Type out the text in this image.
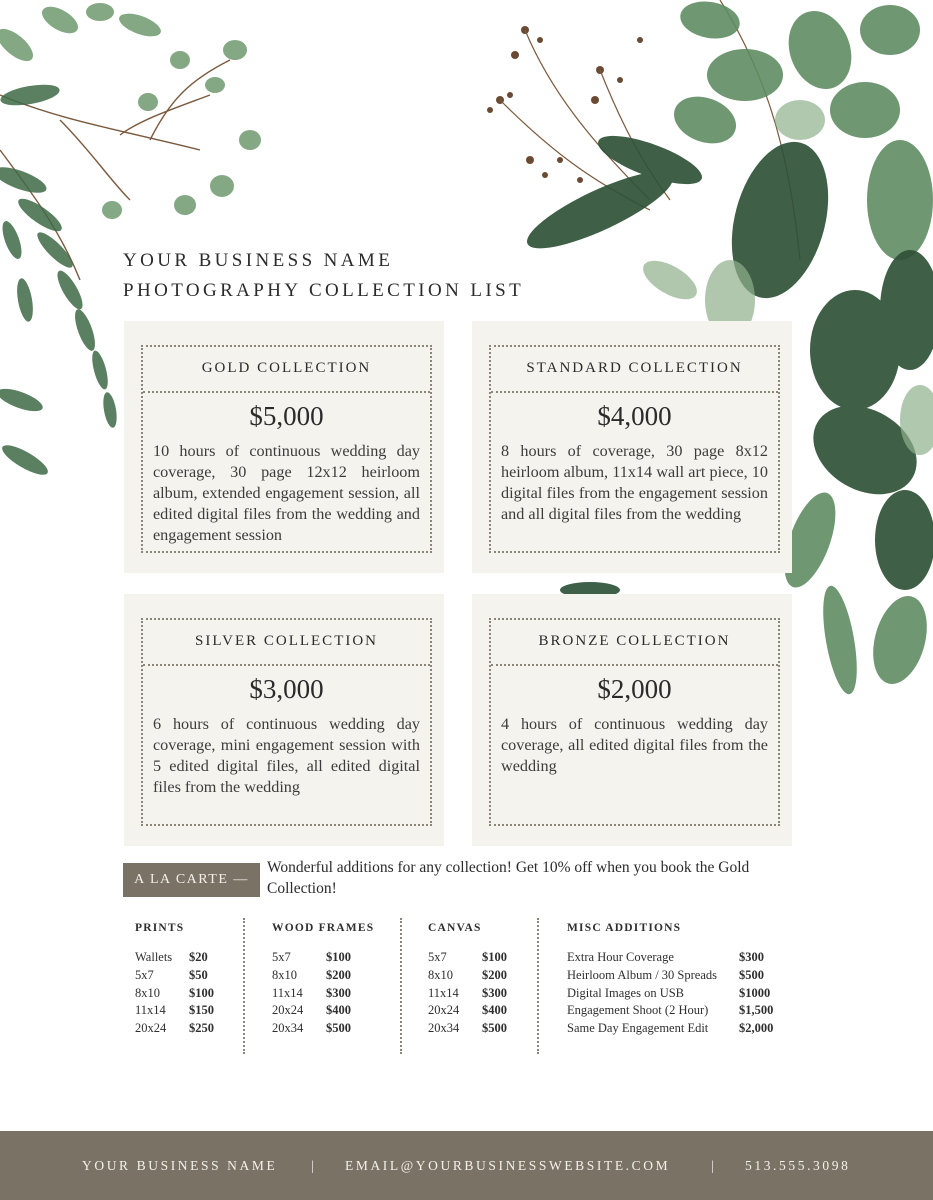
YOUR BUSINESS NAME
PHOTOGRAPHY COLLECTION LIST
GOLD COLLECTION
$5,000
10 hours of continuous wedding day coverage, 30 page 12x12 heirloom album, extended engagement session, all edited digital files from the wedding and engagement session
STANDARD COLLECTION
$4,000
8 hours of coverage, 30 page 8x12 heirloom album, 11x14 wall art piece, 10 digital files from the engagement session and all digital files from the wedding
SILVER COLLECTION
$3,000
6 hours of continuous wedding day coverage, mini engagement session with 5 edited digital files, all edited digital files from the wedding
BRONZE COLLECTION
$2,000
4 hours of continuous wedding day coverage, all edited digital files from the wedding
A LA CARTE —
Wonderful additions for any collection! Get 10% off when you book the Gold Collection!
PRINTS
Wallets	$20
5x7	$50
8x10	$100
11x14	$150
20x24	$250
WOOD FRAMES
5x7	$100
8x10	$200
11x14	$300
20x24	$400
20x34	$500
CANVAS
5x7	$100
8x10	$200
11x14	$300
20x24	$400
20x34	$500
MISC ADDITIONS
Extra Hour Coverage	$300
Heirloom Album / 30 Spreads	$500
Digital Images on USB	$1000
Engagement Shoot (2 Hour)	$1,500
Same Day Engagement Edit	$2,000
YOUR BUSINESS NAME | EMAIL@YOURBUSINESSWEBSITE.COM	| 513.555.3098
